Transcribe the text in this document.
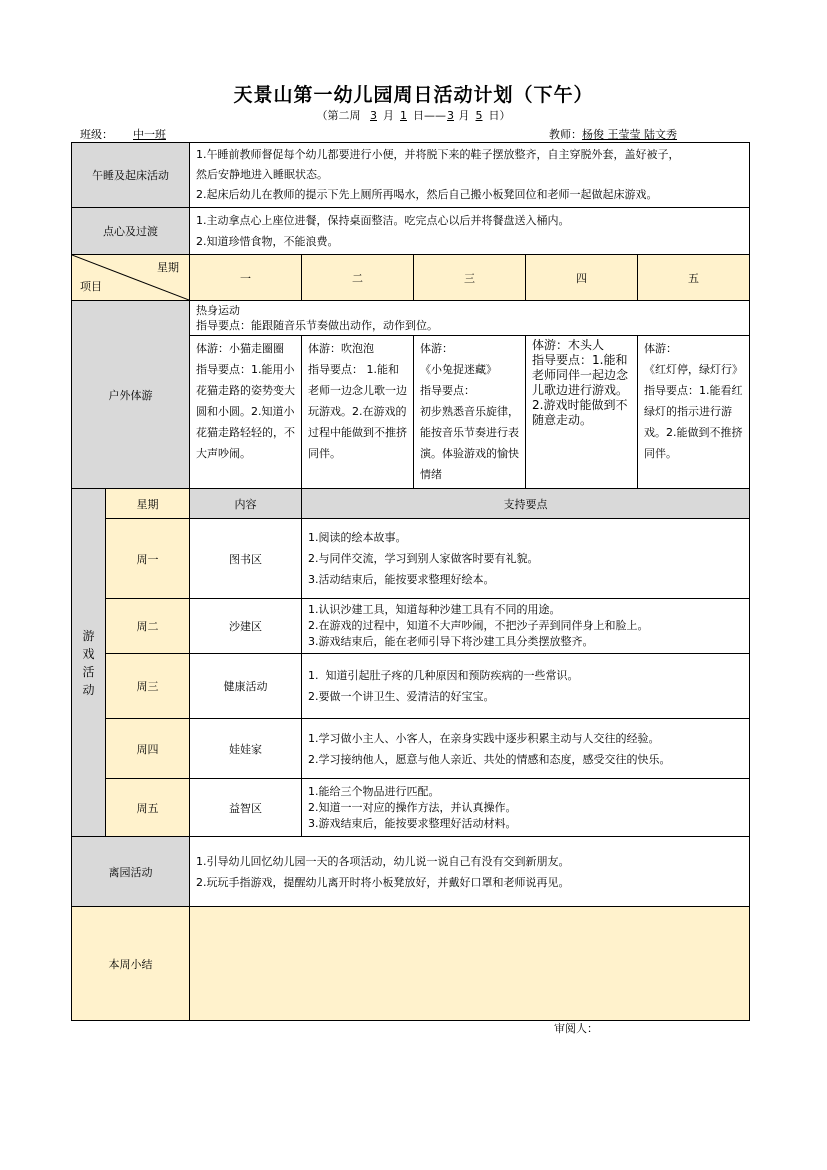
天景山第一幼儿园周日活动计划（下午）
（第二周 3 月 1 日——3 月 5 日）
班级： 中一班	教师：杨俊 王莹莹 陆文秀
午睡及起床活动		1.午睡前教师督促每个幼儿都要进行小便，并将脱下来的鞋子摆放整齐，自主穿脱外套，盖好被子，
然后安静地进入睡眠状态。
2.起床后幼儿在教师的提示下先上厕所再喝水，然后自己搬小板凳回位和老师一起做起床游戏。				

点心及过渡		1.主动拿点心上座位进餐，保持桌面整洁。吃完点心以后并将餐盘送入桶内。
2.知道珍惜食物，不能浪费。				

星期
项目		一	二	三	四	五
户外体游		热身运动
指导要点：能跟随音乐节奏做出动作，动作到位。				

		体游：小猫走圈圈
指导要点：1.能用小花猫走路的姿势变大圆和小圆。2.知道小花猫走路轻轻的，不大声吵闹。	体游：吹泡泡
指导要点： 1.能和老师一边念儿歌一边玩游戏。2.在游戏的过程中能做到不推挤同伴。	体游：
《小兔捉迷藏》
指导要点：
初步熟悉音乐旋律，能按音乐节奏进行表演。体验游戏的愉快情绪	体游：木头人
指导要点：1.能和老师同伴一起边念儿歌边进行游戏。2.游戏时能做到不随意走动。	体游：
《红灯停，绿灯行》
指导要点：1.能看红绿灯的指示进行游戏。2.能做到不推挤同伴。

游戏活动	星期	内容	支持要点			
	周一	图书区	1.阅读的绘本故事。
2.与同伴交流，学习到别人家做客时要有礼貌。
3.活动结束后，能按要求整理好绘本。			

	周二	沙建区	1.认识沙建工具，知道每种沙建工具有不同的用途。
2.在游戏的过程中，知道不大声吵闹，不把沙子弄到同伴身上和脸上。
3.游戏结束后，能在老师引导下将沙建工具分类摆放整齐。			

	周三	健康活动	1.  知道引起肚子疼的几种原因和预防疾病的一些常识。
2.要做一个讲卫生、爱清洁的好宝宝。			

	周四	娃娃家	1.学习做小主人、小客人，在亲身实践中逐步积累主动与人交往的经验。
2.学习接纳他人，愿意与他人亲近、共处的情感和态度，感受交往的快乐。			

	周五	益智区	1.能给三个物品进行匹配。
2.知道一一对应的操作方法，并认真操作。
3.游戏结束后，能按要求整理好活动材料。			

离园活动		1.引导幼儿回忆幼儿园一天的各项活动，幼儿说一说自己有没有交到新朋友。
2.玩玩手指游戏，提醒幼儿离开时将小板凳放好，并戴好口罩和老师说再见。				

本周小结						
审阅人：
